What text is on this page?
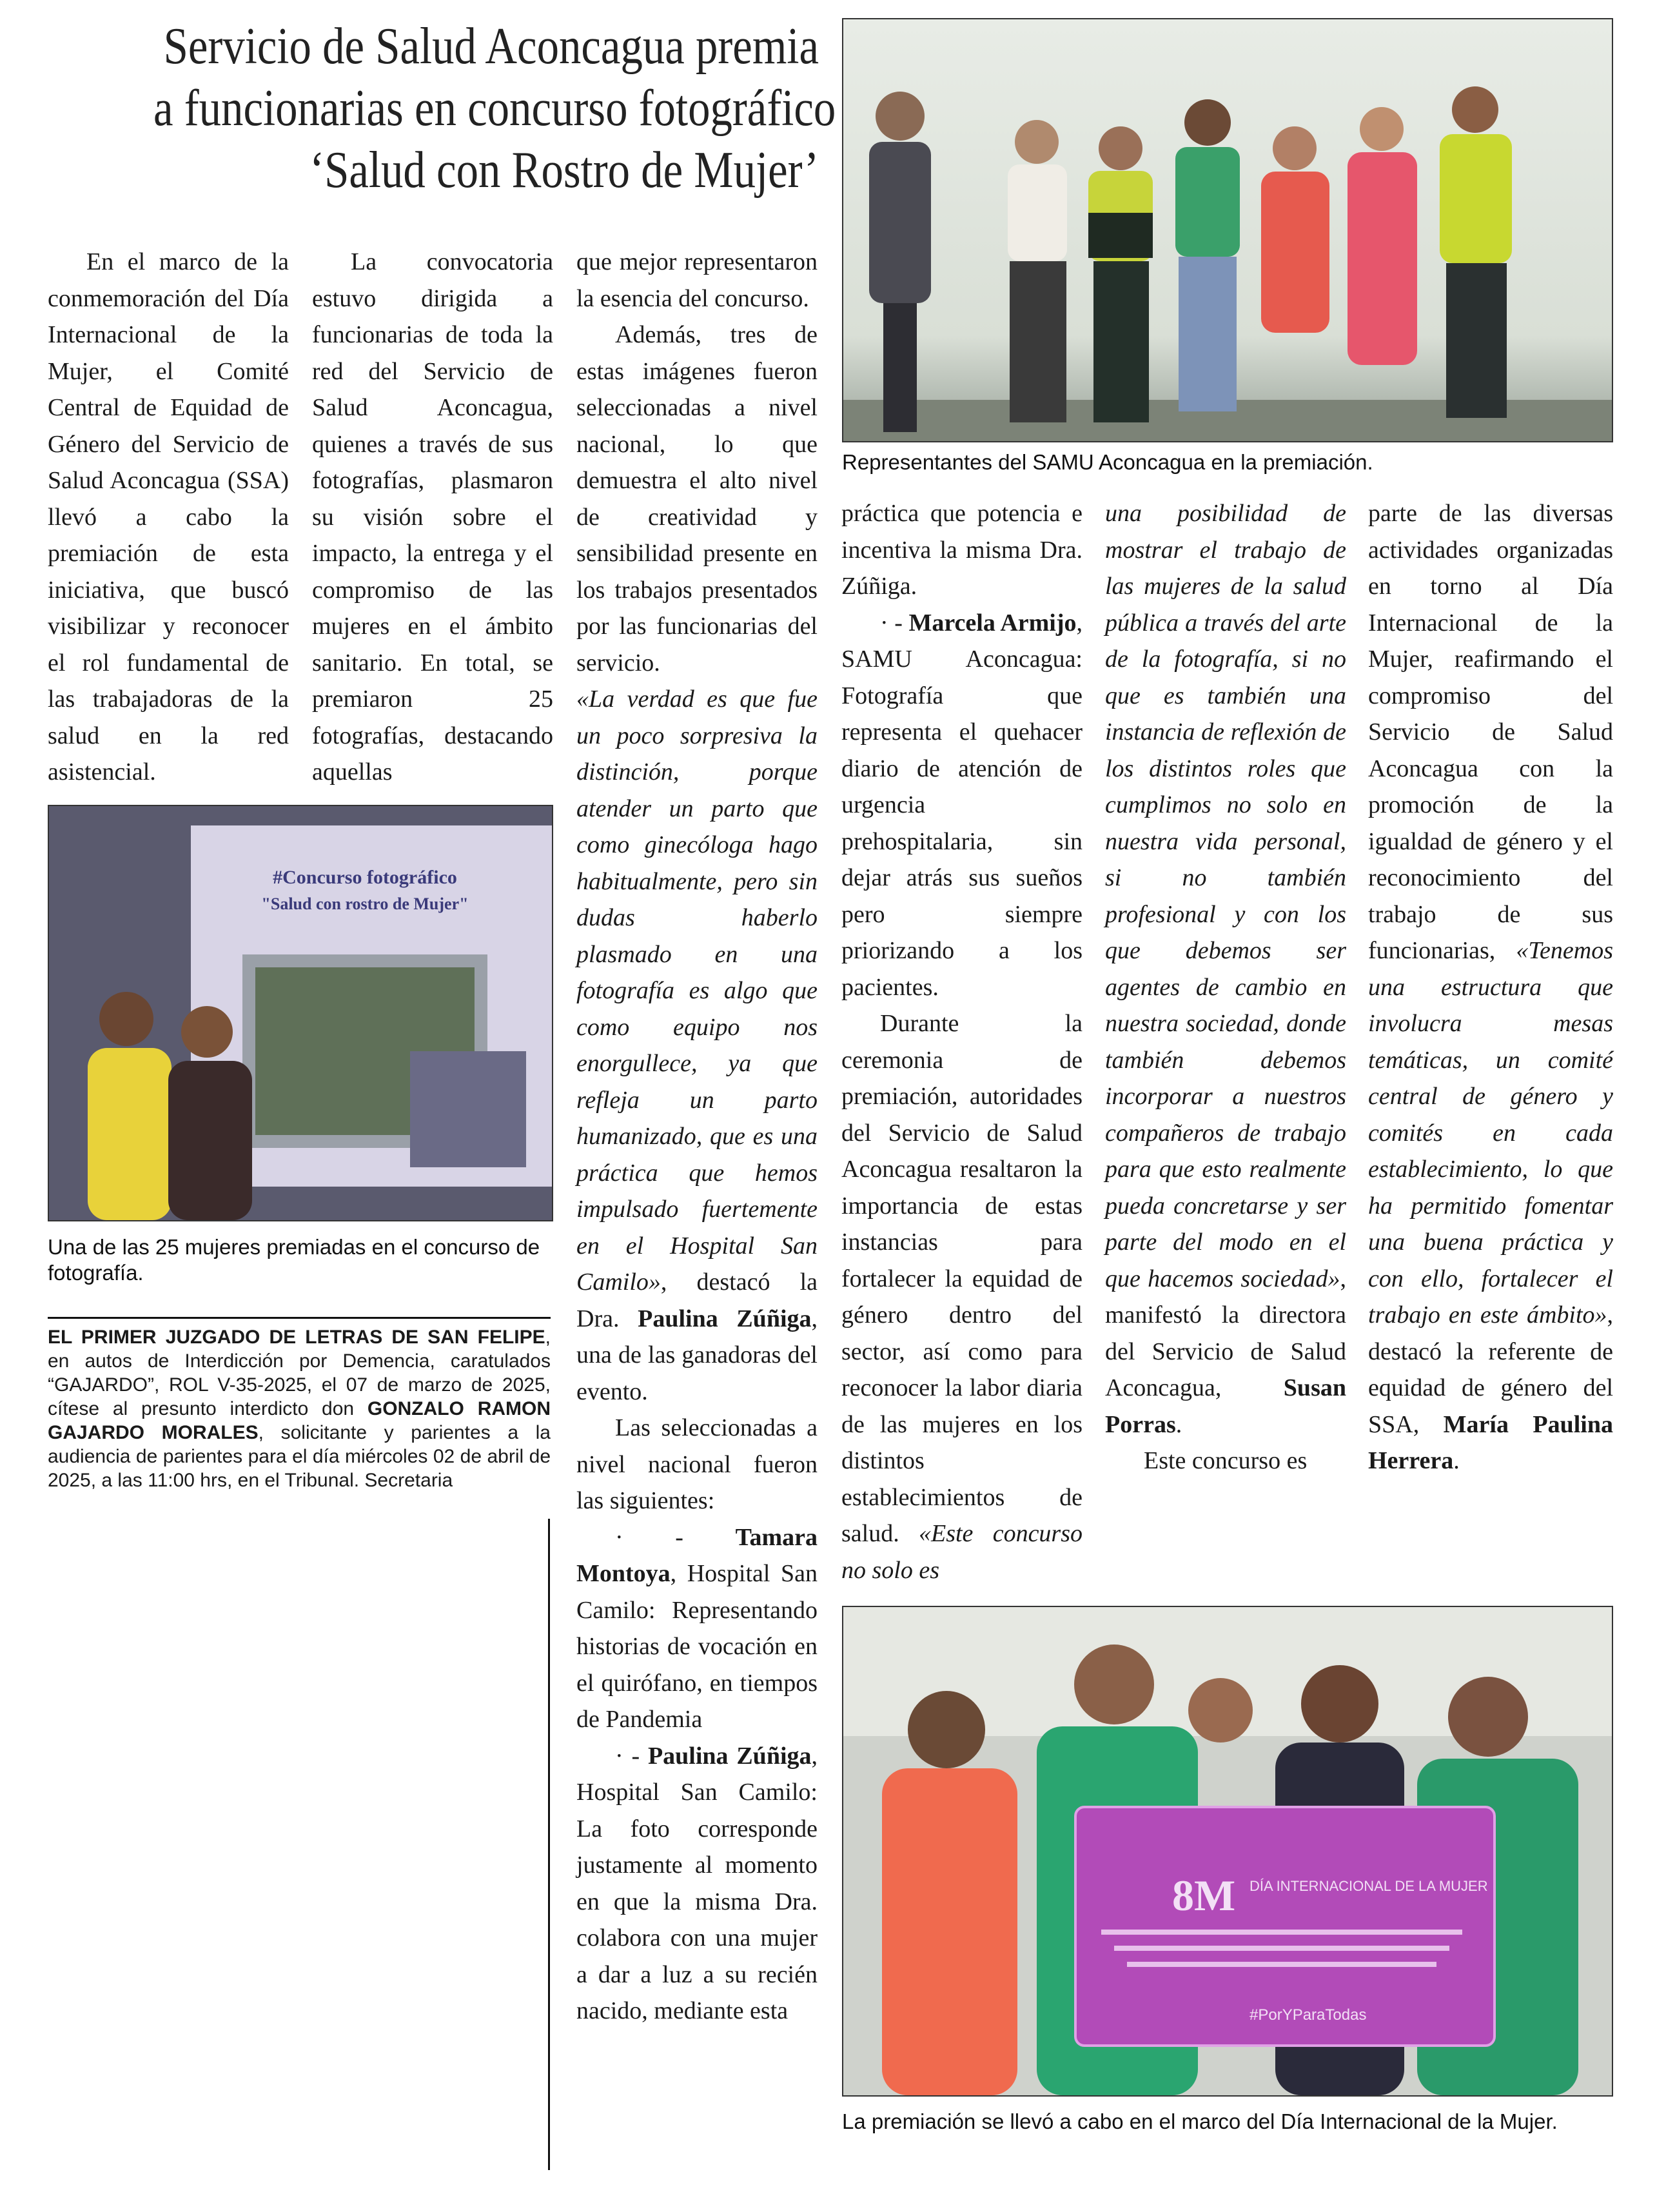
Servicio de Salud Aconcagua premia
a funcionarias en concurso fotográfico
‘Salud con Rostro de Mujer’

En el marco de la conmemoración del Día Internacional de la Mujer, el Comité Central de Equidad de Género del Servicio de Salud Aconcagua (SSA) llevó a cabo la premiación de esta iniciativa, que buscó visibilizar y reconocer el rol fundamental de las trabajadoras de la salud en la red asistencial.

La convocatoria estuvo dirigida a funcionarias de toda la red del Servicio de Salud Aconcagua, quienes a través de sus fotografías, plasmaron su visión sobre el impacto, la entrega y el compromiso de las mujeres en el ámbito sanitario. En total, se premiaron 25 fotografías, destacando aquellas

que mejor representaron la esencia del concurso.

Además, tres de estas imágenes fueron seleccionadas a nivel nacional, lo que demuestra el alto nivel de creatividad y sensibilidad presente en los trabajos presentados por las funcionarias del servicio.

«La verdad es que fue un poco sorpresiva la distinción, porque atender un parto que como ginecóloga hago habitualmente, pero sin dudas haberlo plasmado en una fotografía es algo que como equipo nos enorgullece, ya que refleja un parto humanizado, que es una práctica que hemos impulsado fuertemente en el Hospital San Camilo», destacó la Dra. Paulina Zúñiga, una de las ganadoras del evento.

Las seleccionadas a nivel nacional fueron las siguientes:

· - Tamara Montoya, Hospital San Camilo: Representando historias de vocación en el quirófano, en tiempos de Pandemia

· - Paulina Zúñiga, Hospital San Camilo: La foto corresponde justamente al momento en que la misma Dra. colabora con una mujer a dar a luz a su recién nacido, mediante esta

práctica que potencia e incentiva la misma Dra. Zúñiga.

· - Marcela Armijo, SAMU Aconcagua: Fotografía que representa el quehacer diario de atención de urgencia prehospitalaria, sin dejar atrás sus sueños pero siempre priorizando a los pacientes.

Durante la ceremonia de premiación, autoridades del Servicio de Salud Aconcagua resaltaron la importancia de estas instancias para fortalecer la equidad de género dentro del sector, así como para reconocer la labor diaria de las mujeres en los distintos establecimientos de salud. «Este concurso no solo es

una posibilidad de mostrar el trabajo de las mujeres de la salud pública a través del arte de la fotografía, si no que es también una instancia de reflexión de los distintos roles que cumplimos no solo en nuestra vida personal, si no también profesional y con los que debemos ser agentes de cambio en nuestra sociedad, donde también debemos incorporar a nuestros compañeros de trabajo para que esto realmente pueda concretarse y ser parte del modo en el que hacemos sociedad», manifestó la directora del Servicio de Salud Aconcagua, Susan Porras.

Este concurso es

parte de las diversas actividades organizadas en torno al Día Internacional de la Mujer, reafirmando el compromiso del Servicio de Salud Aconcagua con la promoción de la igualdad de género y el reconocimiento del trabajo de sus funcionarias, «Tenemos una estructura que involucra mesas temáticas, un comité central de género y comités en cada establecimiento, lo que ha permitido fomentar una buena práctica y con ello, fortalecer el trabajo en este ámbito», destacó la referente de equidad de género del SSA, María Paulina Herrera.

Representantes del SAMU Aconcagua en la premiación.
#Concurso fotográfico
"Salud con rostro de Mujer"
Una de las 25 mujeres premiadas en el concurso de fotografía.
EL PRIMER JUZGADO DE LETRAS DE SAN FELIPE, en autos de Interdicción por Demencia, caratulados “GAJARDO”, ROL V-35-2025, el 07 de marzo de 2025, cítese al presunto interdicto don GONZALO RAMON GAJARDO MORALES, solicitante y parientes a la audiencia de parientes para el día miércoles 02 de abril de 2025, a las 11:00 hrs, en el Tribunal. Secretaria
8M DÍA INTERNACIONAL DE LA MUJER
#PorYParaTodas
La premiación se llevó a cabo en el marco del Día Internacional de la Mujer.
